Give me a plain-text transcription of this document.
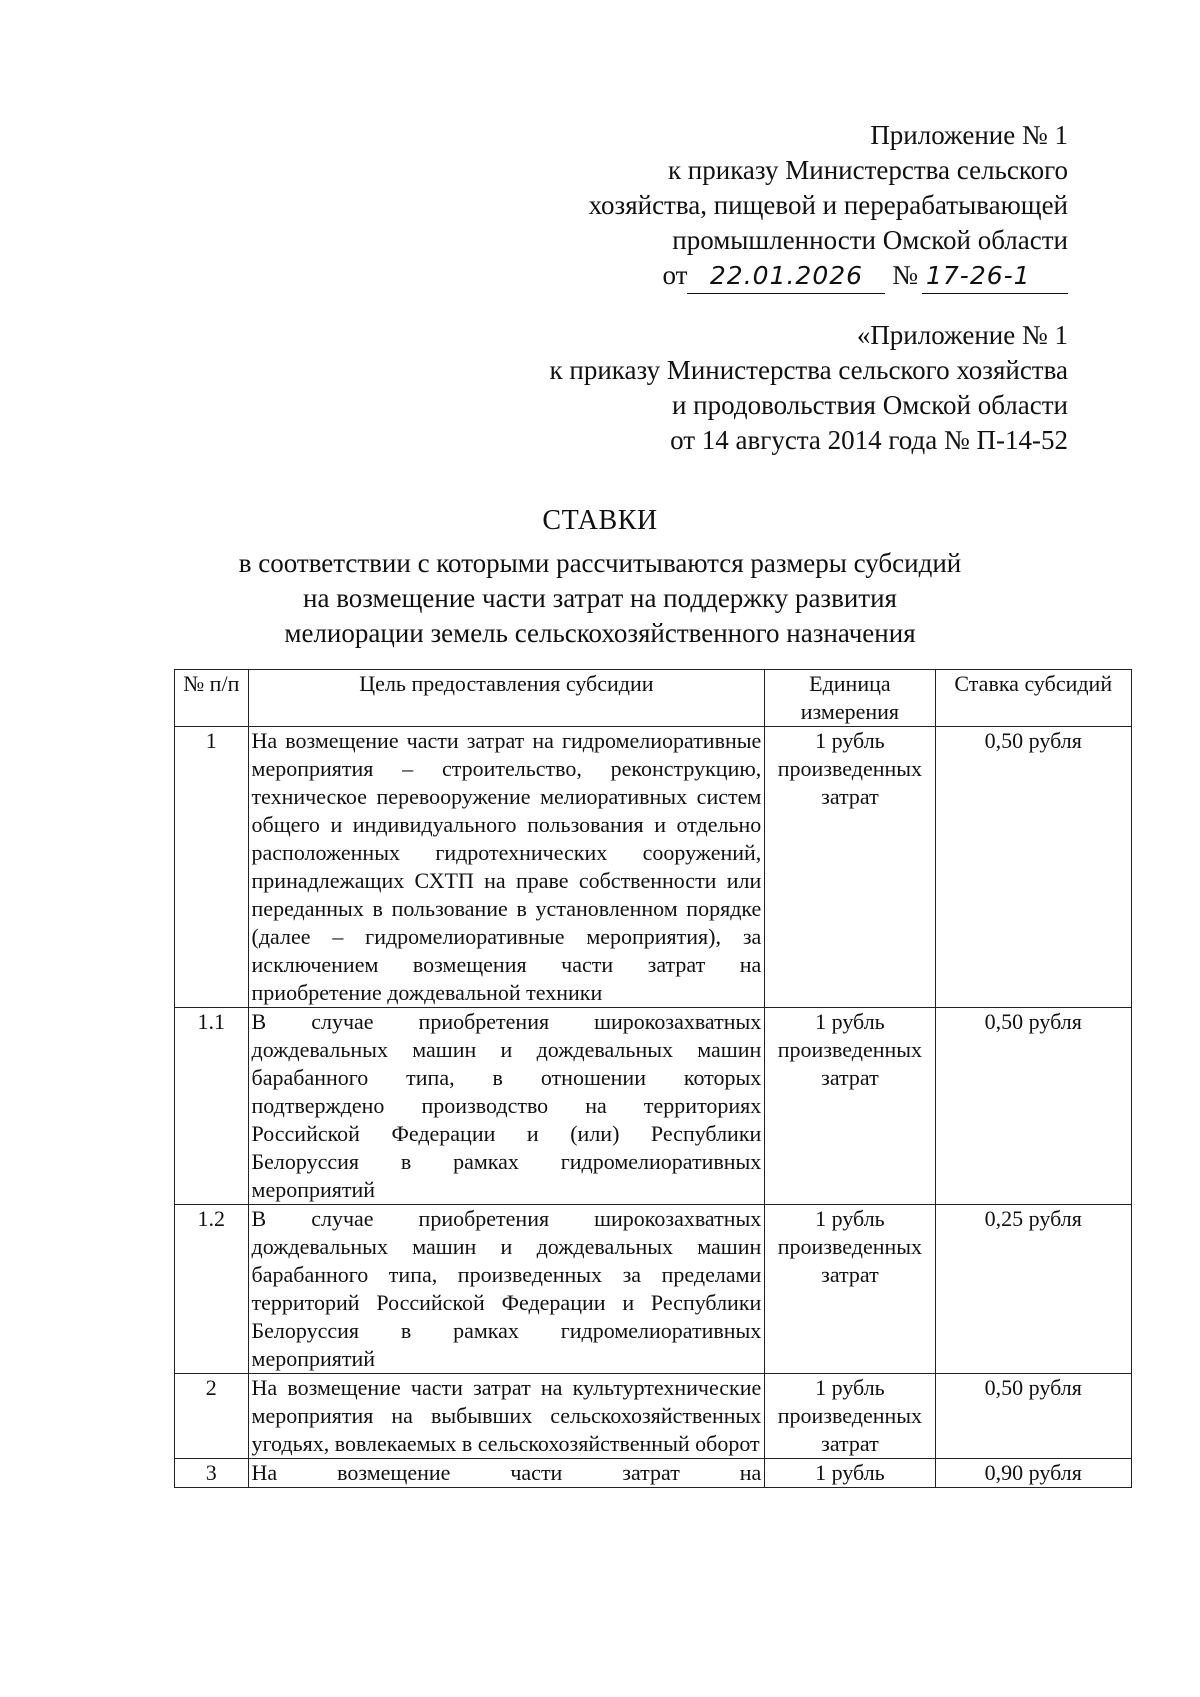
Приложение № 1
к приказу Министерства сельского
хозяйства, пищевой и перерабатывающей
промышленности Омской области
от 22.01.2026 № 17-26-1
«Приложение № 1
к приказу Министерства сельского хозяйства
и продовольствия Омской области
от 14 августа 2014 года № П-14-52
СТАВКИ
в соответствии с которыми рассчитываются размеры субсидий
на возмещение части затрат на поддержку развития
мелиорации земель сельскохозяйственного назначения
№ п/п	Цель предоставления субсидии	Единица измерения	Ставка субсидий
1	На возмещение части затрат на гидромелиоративные мероприятия – строительство, реконструкцию, техническое перевооружение мелиоративных систем общего и индивидуального пользования и отдельно расположенных гидротехнических сооружений, принадлежащих СХТП на праве собственности или переданных в пользование в установленном порядке (далее – гидромелиоративные мероприятия), за исключением возмещения части затрат на приобретение дождевальной техники	1 рубль произведенных затрат	0,50 рубля
1.1	В случае приобретения широкозахватных дождевальных машин и дождевальных машин барабанного типа, в отношении которых подтверждено производство на территориях Российской Федерации и (или) Республики Белоруссия в рамках гидромелиоративных мероприятий	1 рубль произведенных затрат	0,50 рубля
1.2	В случае приобретения широкозахватных дождевальных машин и дождевальных машин барабанного типа, произведенных за пределами территорий Российской Федерации и Республики Белоруссия в рамках гидромелиоративных мероприятий	1 рубль произведенных затрат	0,25 рубля
2	На возмещение части затрат на культуртехнические мероприятия на выбывших сельскохозяйственных угодьях, вовлекаемых в сельскохозяйственный оборот	1 рубль произведенных затрат	0,50 рубля
3	На возмещение части затрат на	1 рубль	0,90 рубля
